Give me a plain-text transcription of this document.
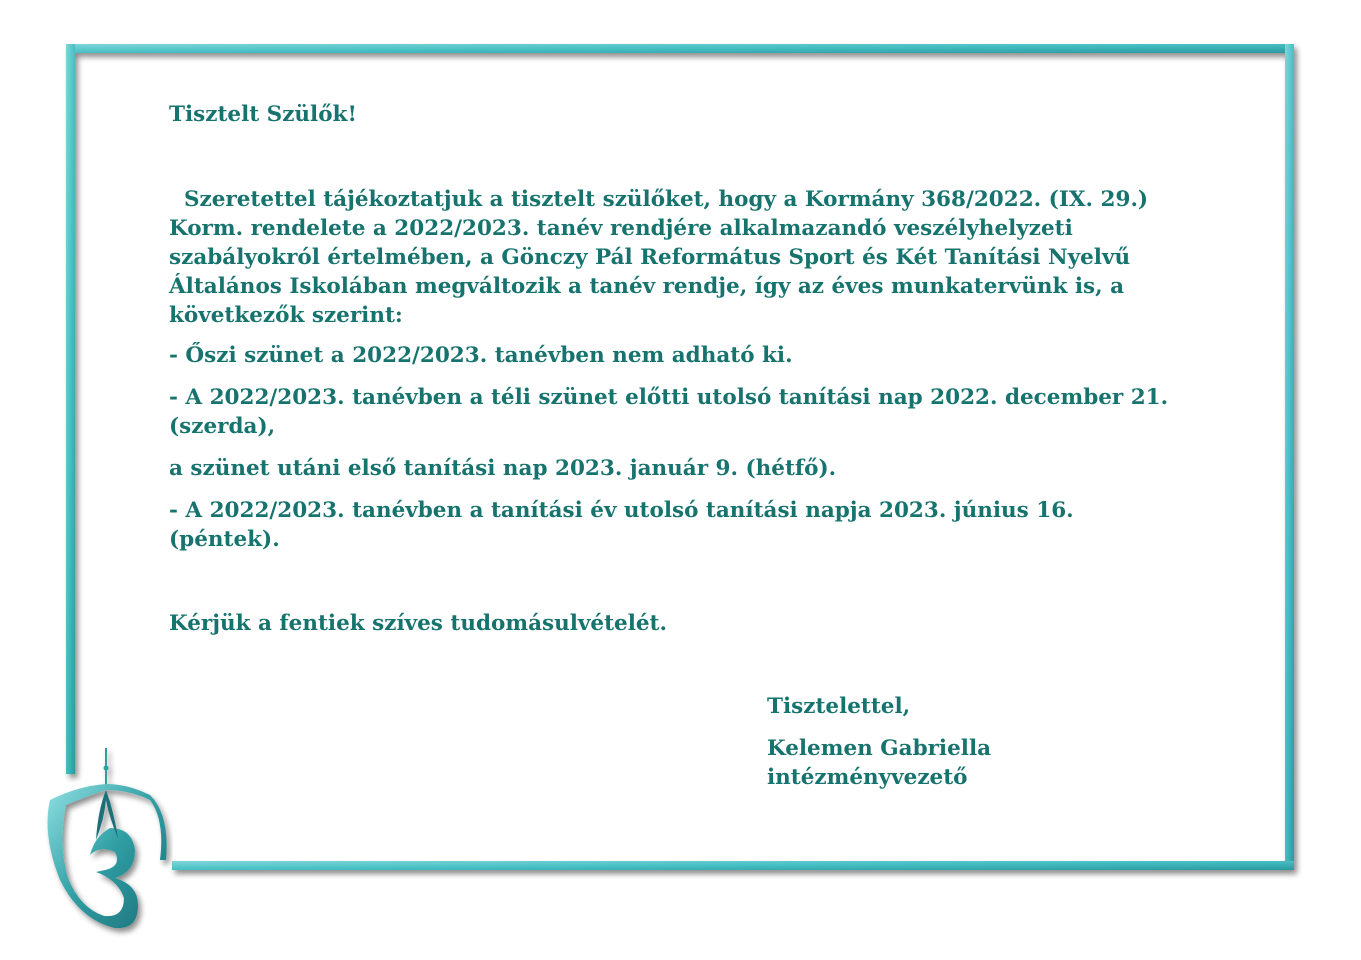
Tisztelt Szülők!

Szeretettel tájékoztatjuk a tisztelt szülőket, hogy a Kormány 368/2022. (IX. 29.) Korm. rendelete a 2022/2023. tanév rendjére alkalmazandó veszélyhelyzeti szabályokról értelmében, a Gönczy Pál Református Sport és Két Tanítási Nyelvű Általános Iskolában megváltozik a tanév rendje, így az éves munkatervünk is, a következők szerint:

- Őszi szünet a 2022/2023. tanévben nem adható ki.

- A 2022/2023. tanévben a téli szünet előtti utolsó tanítási nap 2022. december 21. (szerda),

a szünet utáni első tanítási nap 2023. január 9. (hétfő).

- A 2022/2023. tanévben a tanítási év utolsó tanítási napja 2023. június 16. (péntek).

Kérjük a fentiek szíves tudomásulvételét.

Tisztelettel,

Kelemen Gabriella

intézményvezető
